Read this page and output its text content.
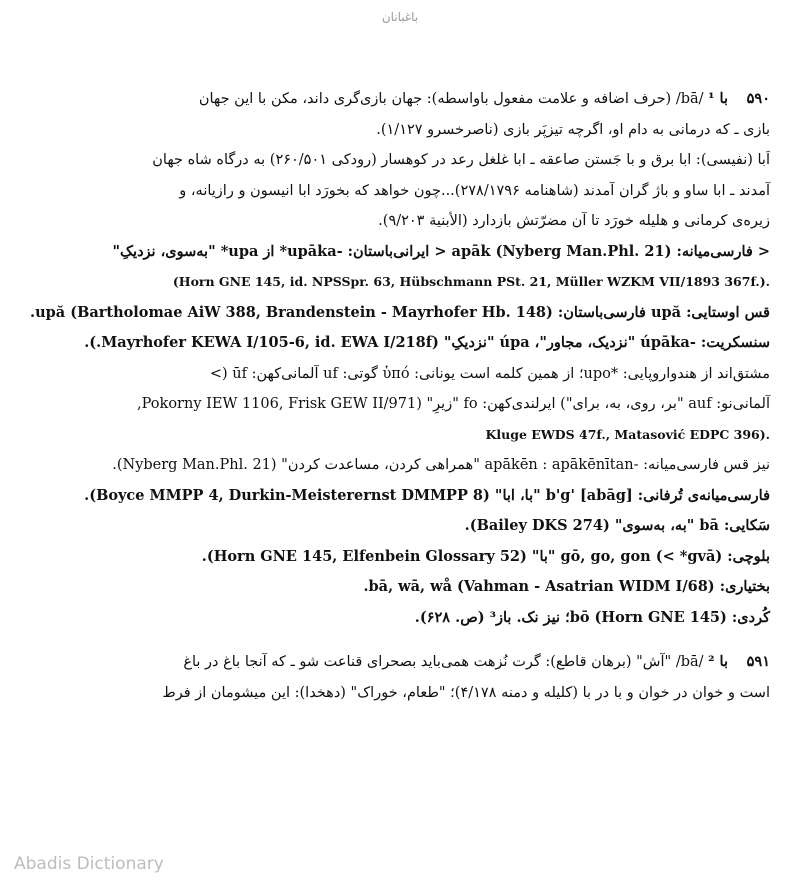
باغبانان
۵۹۰ با ¹ /bā/ (حرف اضافه و علامت مفعول باواسطه): جهان بازی‌گری داند، مکن با این جهان
بازی ـ که درمانی به دام او، اگرچه تیزپَر بازی (ناصرخسرو ۱/۱۲۷).
اَبا (نفیسی): ابا برق و با جَستن صاعقه ـ ابا غلغل رعد در کوهسار (رودکی ۲۶۰/۵۰۱) به درگاه شاه جهان
آمدند ـ ابا ساو و باژ گران آمدند (شاهنامه ۲۷۸/۱۷۹۶)...چون خواهد که بخورَد ابا انیسون و رازیانه، و
زیره‌ی کرمانی و هلیله خورَد تا آن مضرّتش بازدارد (الأبنیة ۹/۲۰۳).
< فارسی‌میانه: apāk (Nyberg Man.Phl. 21) < ایرانی‌باستان: -upāka* از upa* "به‌سوی، نزدیکِ"
(Horn GNE 145, id. NPSSpr. 63, Hübschmann PSt. 21, Müller WZKM VII/1893 367f.).
قس اوستایی: upă فارسی‌باستان: upă (Bartholomae AiW 388, Brandenstein - Mayrhofer Hb. 148).
سنسکریت: -úpāka "نزدیک، مجاور"، úpa "نزدیکِ" (Mayrhofer KEWA I/105-6, id. EWA I/218f.).
مشتق‌اند از هندواروپایی: *upo؛ از همین کلمه است یونانی: ὑπό گوتی: uf آلمانی‌کهن: ūf (>
آلمانی‌نو: auf "بر، روی، به، برای") ایرلندی‌کهن: fo "زیرِ" (Pokorny IEW 1106, Frisk GEW II/971,
Kluge EWDS 47f., Matasović EDPC 396).
نیز قس فارسی‌میانه: -apākēn : apākēnītan "همراهی کردن، مساعدت کردن" (Nyberg Man.Phl. 21).
فارسی‌میانه‌ی تُرفانی: b'g' [abāg] "با، ابا" (Boyce MMPP 4, Durkin-Meisterernst DMMPP 8).
سَکایی: bā "به، به‌سوی" (Bailey DKS 274).
بلوچی: gō, go, gon (< *gvā) "با" (Horn GNE 145, Elfenbein Glossary 52).
بختیاری: bā, wā, wå (Vahman - Asatrian WIDM I/68).
کُردی: bō (Horn GNE 145)؛ نیز نک. باز³ (ص. ۶۲۸).
۵۹۱ با ² /bā/ "آش" (برهان قاطع): گرت نُزهت همی‌باید بصحرای قناعت شو ـ که آنجا باغ در باغ
است و خوان در خوان و با در با (کلیله و دمنه ۴/۱۷۸)؛ "طعام، خوراک" (دهخدا): این میشومان از فرط
Abadis Dictionary
